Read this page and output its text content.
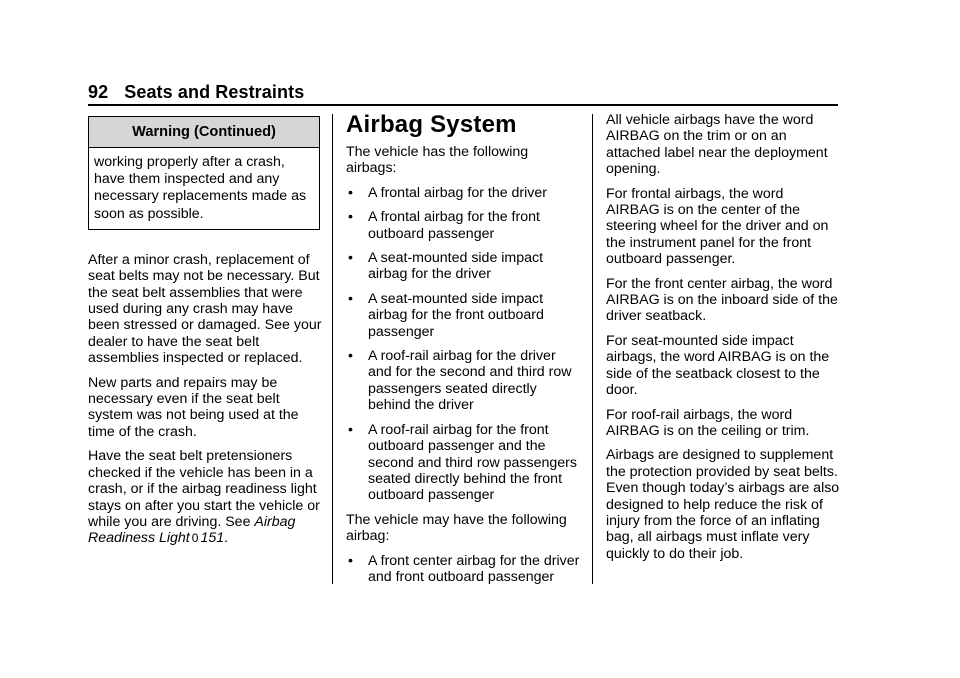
92 Seats and Restraints
Warning (Continued)
working properly after a crash, have them inspected and any necessary replacements made as soon as possible.

After a minor crash, replacement of seat belts may not be necessary. But the seat belt assemblies that were used during any crash may have been stressed or damaged. See your dealer to have the seat belt assemblies inspected or replaced.

New parts and repairs may be necessary even if the seat belt system was not being used at the time of the crash.

Have the seat belt pretensioners checked if the vehicle has been in a crash, or if the airbag readiness light stays on after you start the vehicle or while you are driving. See Airbag Readiness Light 0 151.

Airbag System

The vehicle has the following airbags:

• A frontal airbag for the driver
• A frontal airbag for the front outboard passenger
• A seat-mounted side impact airbag for the driver
• A seat-mounted side impact airbag for the front outboard passenger
• A roof-rail airbag for the driver and for the second and third row passengers seated directly behind the driver
• A roof-rail airbag for the front outboard passenger and the second and third row passengers seated directly behind the front outboard passenger

The vehicle may have the following airbag:

• A front center airbag for the driver and front outboard passenger

All vehicle airbags have the word AIRBAG on the trim or on an attached label near the deployment opening.

For frontal airbags, the word AIRBAG is on the center of the steering wheel for the driver and on the instrument panel for the front outboard passenger.

For the front center airbag, the word AIRBAG is on the inboard side of the driver seatback.

For seat-mounted side impact airbags, the word AIRBAG is on the side of the seatback closest to the door.

For roof-rail airbags, the word AIRBAG is on the ceiling or trim.

Airbags are designed to supplement the protection provided by seat belts. Even though today’s airbags are also designed to help reduce the risk of injury from the force of an inflating bag, all airbags must inflate very quickly to do their job.
